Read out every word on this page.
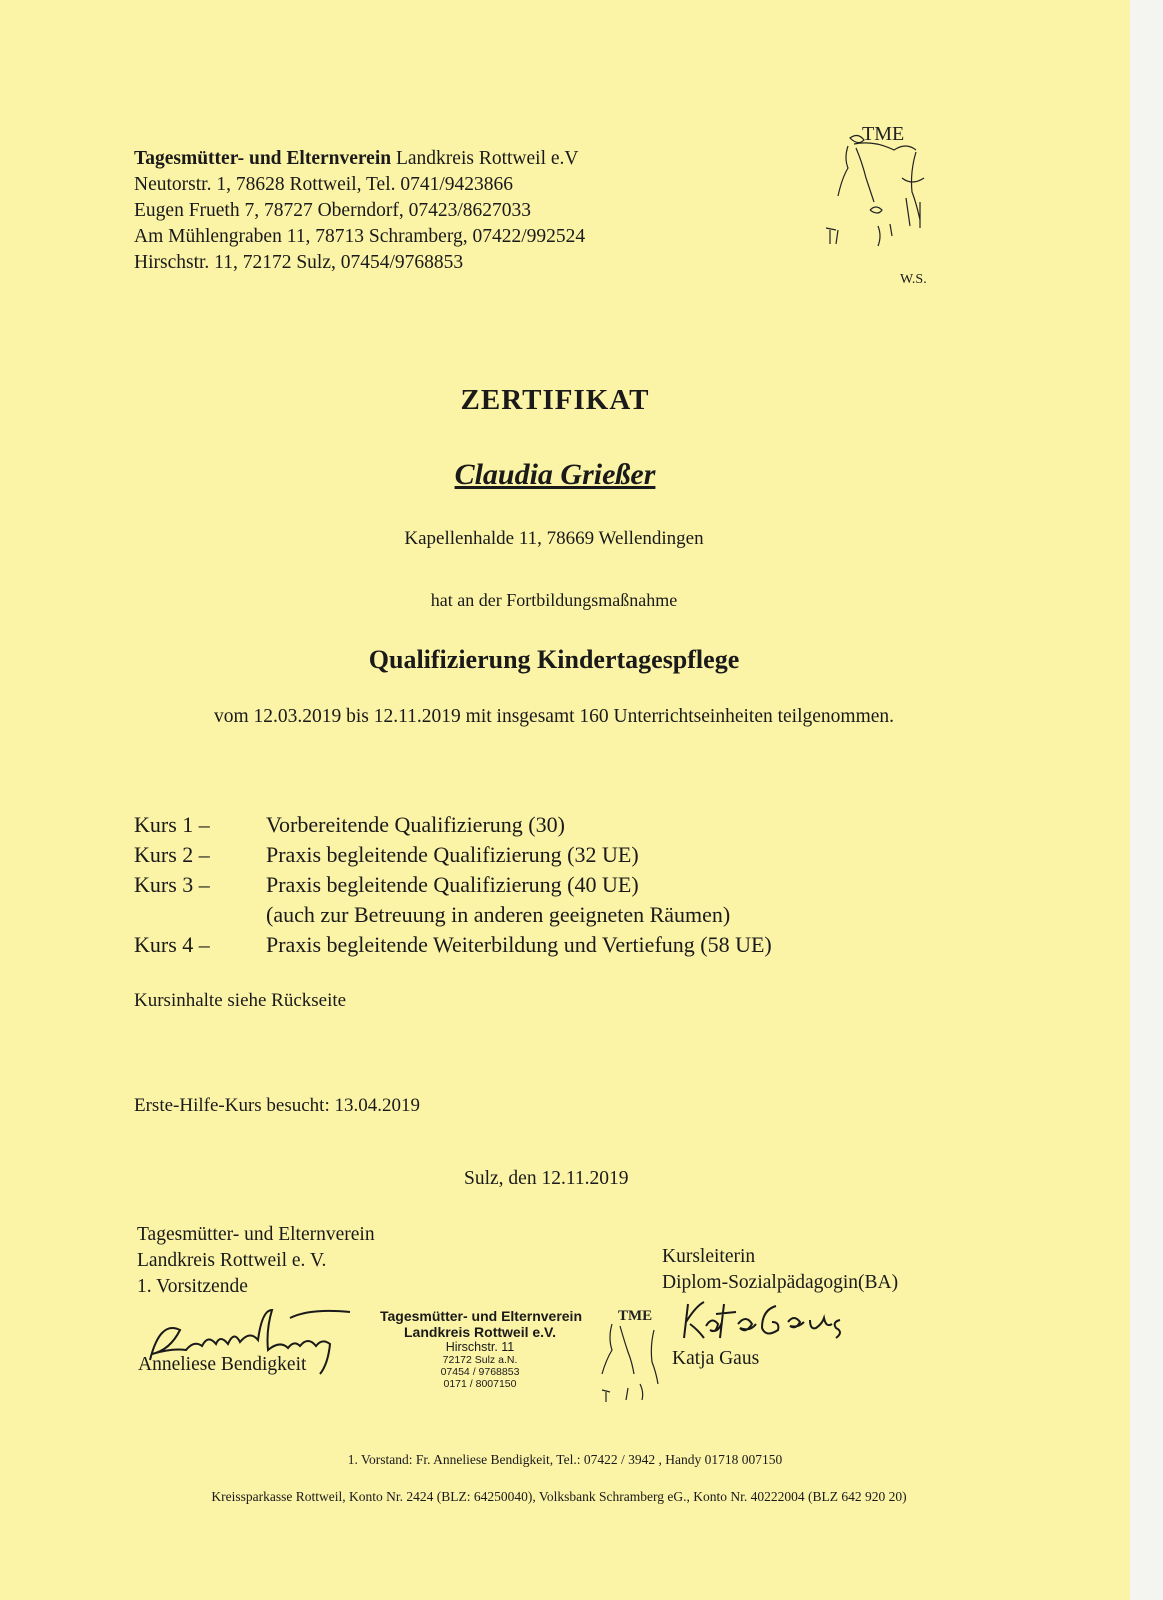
Tagesmütter- und Elternverein Landkreis Rottweil e.V
Neutorstr. 1, 78628 Rottweil, Tel. 0741/9423866
Eugen Frueth 7, 78727 Oberndorf, 07423/8627033
Am Mühlengraben 11, 78713 Schramberg, 07422/992524
Hirschstr. 11, 72172 Sulz, 07454/9768853
TME
W.S.
ZERTIFIKAT
Claudia Grießer
Kapellenhalde 11, 78669 Wellendingen
hat an der Fortbildungsmaßnahme
Qualifizierung Kindertagespflege
vom 12.03.2019 bis 12.11.2019 mit insgesamt 160 Unterrichtseinheiten teilgenommen.
Kurs 1 –	Vorbereitende Qualifizierung (30)
Kurs 2 –	Praxis begleitende Qualifizierung (32 UE)
Kurs 3 –	Praxis begleitende Qualifizierung (40 UE)
(auch zur Betreuung in anderen geeigneten Räumen)
Kurs 4 –	Praxis begleitende Weiterbildung und Vertiefung (58 UE)
Kursinhalte siehe Rückseite
Erste-Hilfe-Kurs besucht: 13.04.2019
Sulz, den 12.11.2019
Tagesmütter- und Elternverein
Landkreis Rottweil e. V.
1. Vorsitzende
Kursleiterin
Diplom-Sozialpädagogin(BA)
Anneliese Bendigkeit
Tagesmütter- und Elternverein
Landkreis Rottweil e.V.
Hirschstr. 11
72172 Sulz a.N.
07454 / 9768853
0171 / 8007150
TME
Katja Gaus
1. Vorstand: Fr. Anneliese Bendigkeit, Tel.: 07422 / 3942 , Handy 01718 007150
Kreissparkasse Rottweil, Konto Nr. 2424 (BLZ: 64250040), Volksbank Schramberg eG., Konto Nr. 40222004 (BLZ 642 920 20)
